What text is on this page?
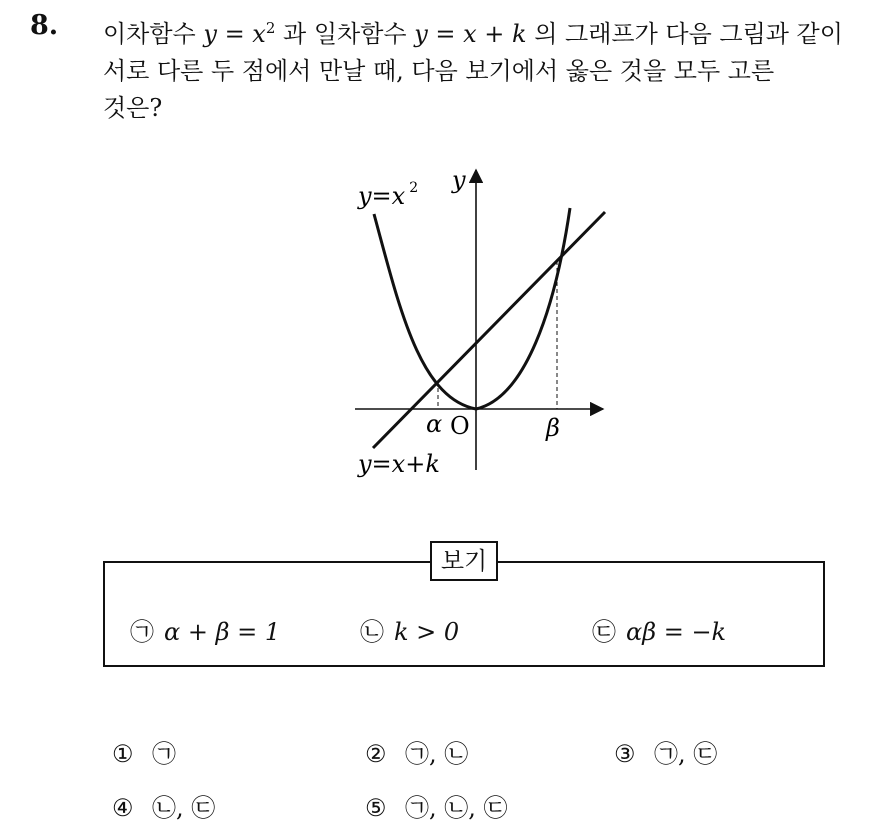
8. 이차함수 $y = x^2$ 과 일차함수 y = x + k 의 그래프가 다음 그림과 같이
서로 다른 두 점에서 만날 때, 다음 보기에서 옳은 것을 모두 고른
것은?
y=x $^2$ y
α O	β
y=x+k
보기
㉠ α + β = 1	㉡ k > 0	㉢ αβ = −k
① ㉠	② ㉠, ㉡	③ ㉠, ㉢
④ ㉡, ㉢	⑤ ㉠, ㉡, ㉢
